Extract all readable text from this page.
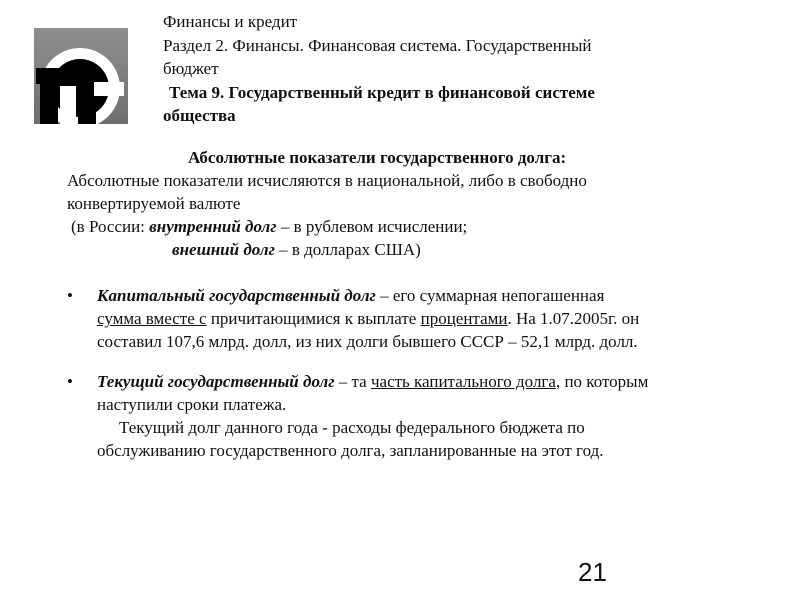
Финансы и кредит
Раздел 2. Финансы. Финансовая система. Государственный
бюджет
Тема 9. Государственный кредит в финансовой системе
общества
Абсолютные показатели государственного долга:
Абсолютные показатели исчисляются в национальной, либо в свободно
конвертируемой валюте
(в России: внутренний долг – в рублевом исчислении;
внешний долг – в долларах США)
• Капитальный государственный долг – его суммарная непогашенная
сумма вместе с причитающимися к выплате процентами. На 1.07.2005г. он
составил 107,6 млрд. долл, из них долги бывшего СССР – 52,1 млрд. долл.
• Текущий государственный долг – та часть капитального долга, по которым
наступили сроки платежа.
Текущий долг данного года - расходы федерального бюджета по
обслуживанию государственного долга, запланированные на этот год.
21
